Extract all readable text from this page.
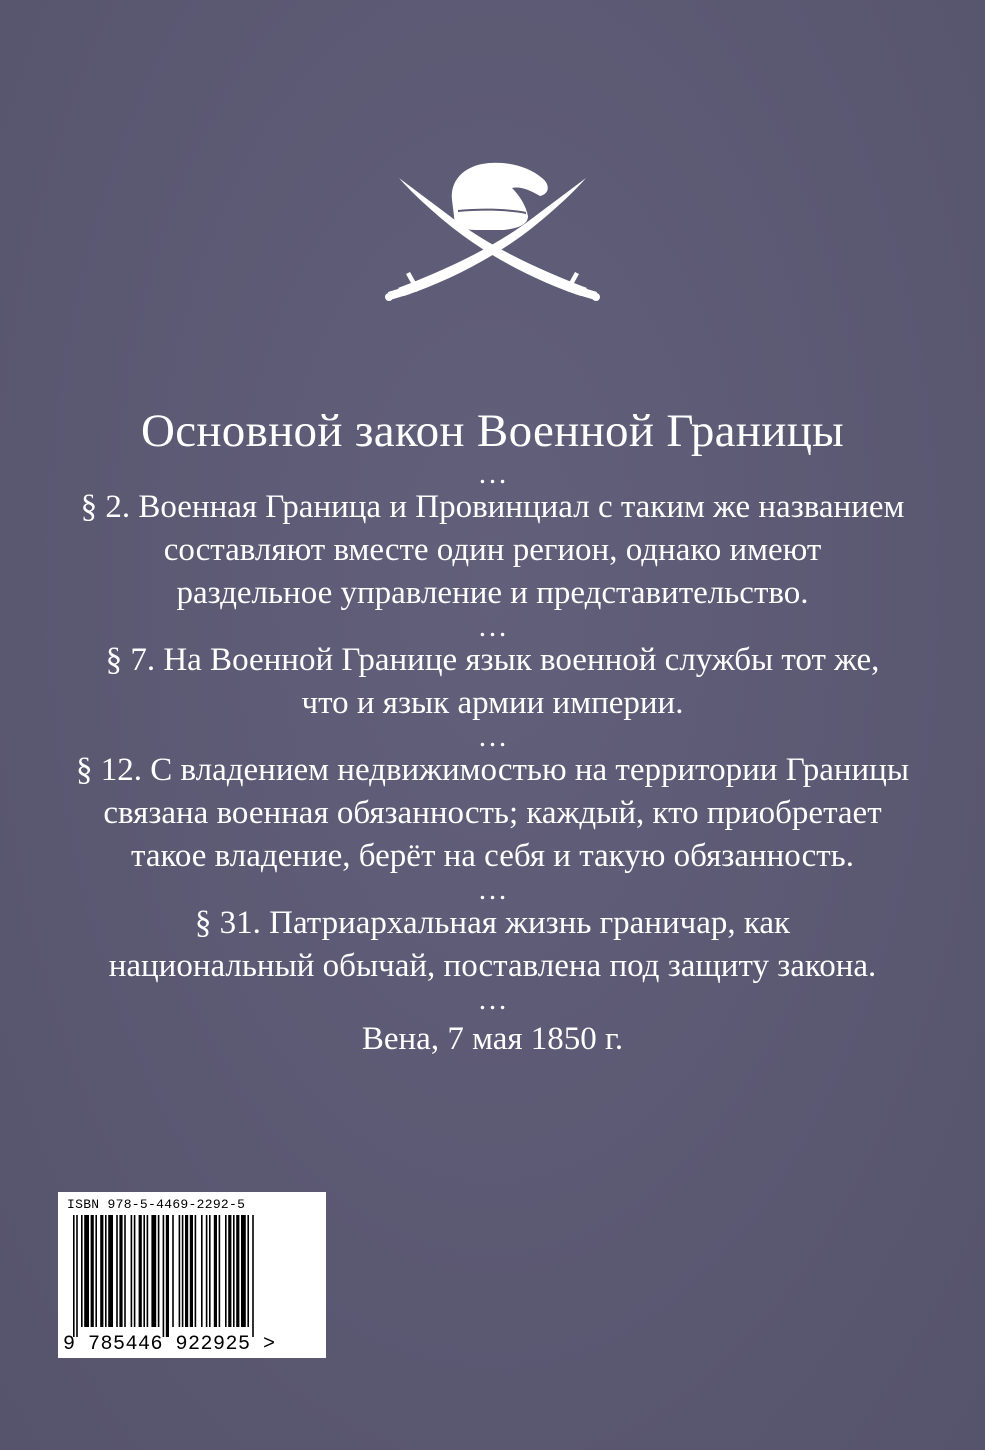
Основной закон Военной Границы

…

§ 2. Военная Граница и Провинциал с таким же названием

составляют вместе один регион, однако имеют

раздельное управление и представительство.

…

§ 7. На Военной Границе язык военной службы тот же,

что и язык армии империи.

…

§ 12. С владением недвижимостью на территории Границы

связана военная обязанность; каждый, кто приобретает

такое владение, берёт на себя и такую обязанность.

…

§ 31. Патриархальная жизнь граничар, как

национальный обычай, поставлена под защиту закона.

…

Вена, 7 мая 1850 г.

ISBN 978-5-4469-2292-5
9 785446 922925 >
